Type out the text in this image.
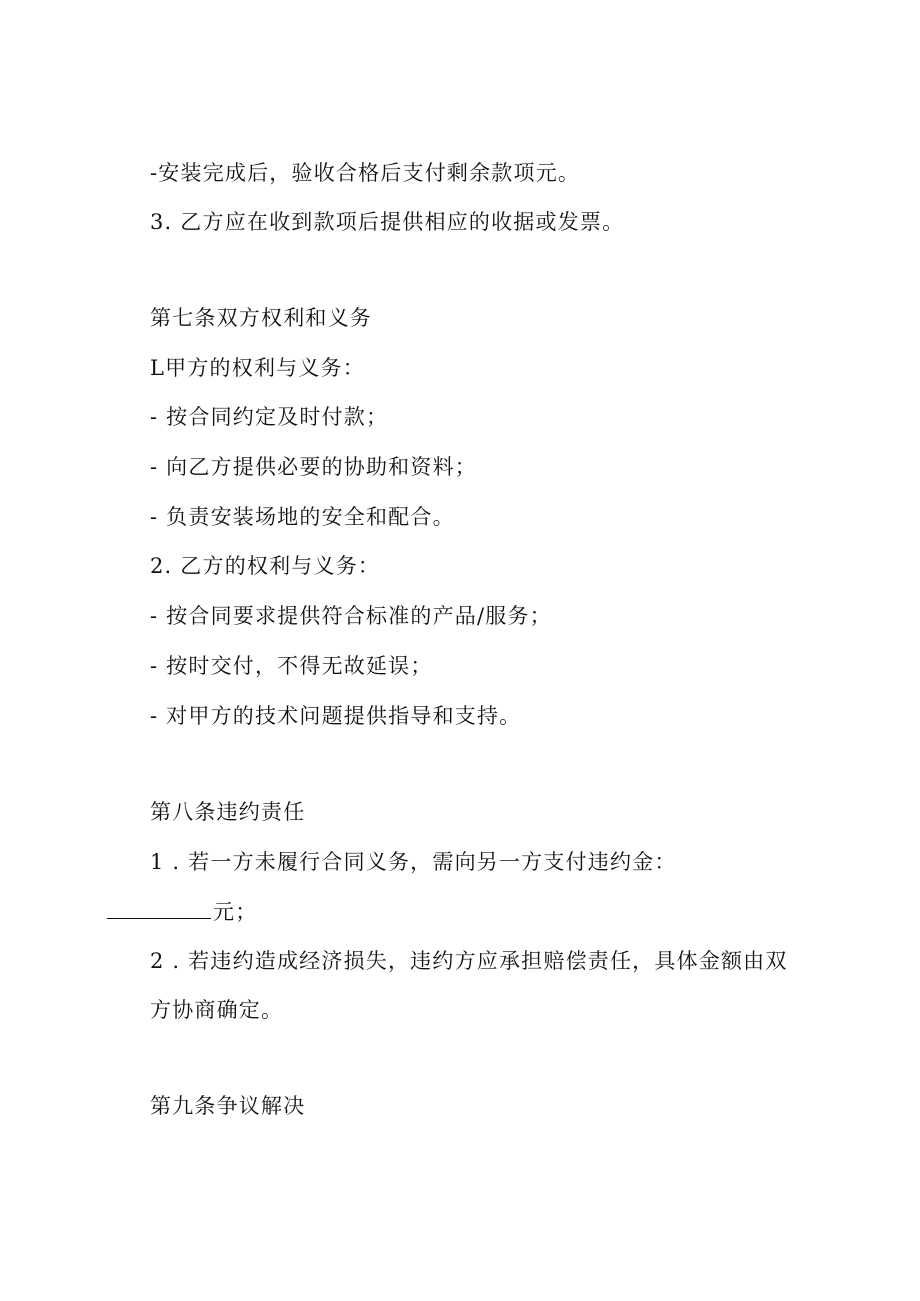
-安装完成后，验收合格后支付剩余款项元。

3. 乙方应在收到款项后提供相应的收据或发票。

第七条双方权利和义务

L甲方的权利与义务：

- 按合同约定及时付款；

- 向乙方提供必要的协助和资料；

- 负责安装场地的安全和配合。

2. 乙方的权利与义务：

- 按合同要求提供符合标准的产品/服务；

- 按时交付，不得无故延误；

- 对甲方的技术问题提供指导和支持。

第八条违约责任

1 . 若一方未履行合同义务，需向另一方支付违约金：

元；

2 . 若违约造成经济损失，违约方应承担赔偿责任，具体金额由双

方协商确定。

第九条争议解决
